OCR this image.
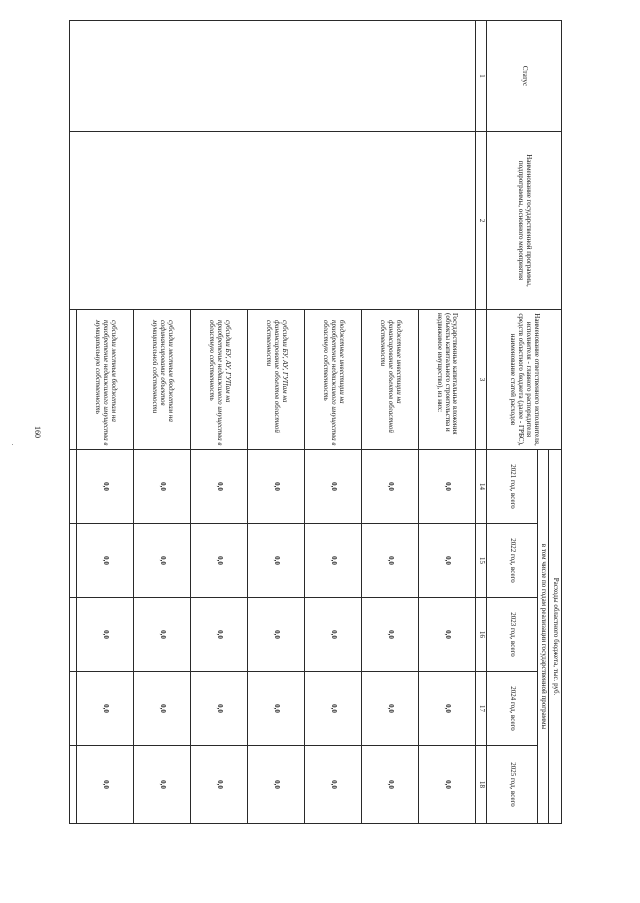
160
Статус	Наименование государственной программы, подпрограммы, основного мероприятия	Наименование ответственного исполнителя, исполнителя - главного распорядителя средств областного бюджета (далее - ГРБС), наименование статей расходов	Расходы областного бюджета, тыс. руб.				
			в том числе по годам реализации государственной программы				
			2021 год, всего	2022 год, всего	2023 год, всего	2024 год, всего	2025 год, всего
1	2	3	14	15	16	17	18
		Государственные капитальные вложения (объекты капитального строительства и недвижимое имущество), из них:	0,0	0,0	0,0	0,0	0,0
		бюджетные инвестиции на финансирование объектов областной собственности	0,0	0,0	0,0	0,0	0,0
		бюджетные инвестиции на приобретение недвижимого имущества в областную собственность	0,0	0,0	0,0	0,0	0,0
		субсидии БУ, АУ, ГУПам на финансирование объектов областной собственности	0,0	0,0	0,0	0,0	0,0
		субсидии БУ, АУ, ГУПам на приобретение недвижимого имущества в областную собственность	0,0	0,0	0,0	0,0	0,0
		субсидии местным бюджетам на софинансирование объектов муниципальной собственности	0,0	0,0	0,0	0,0	0,0
		субсидии местным бюджетам на приобретение недвижимого имущества в муниципальную собственность	0,0	0,0	0,0	0,0	0,0
